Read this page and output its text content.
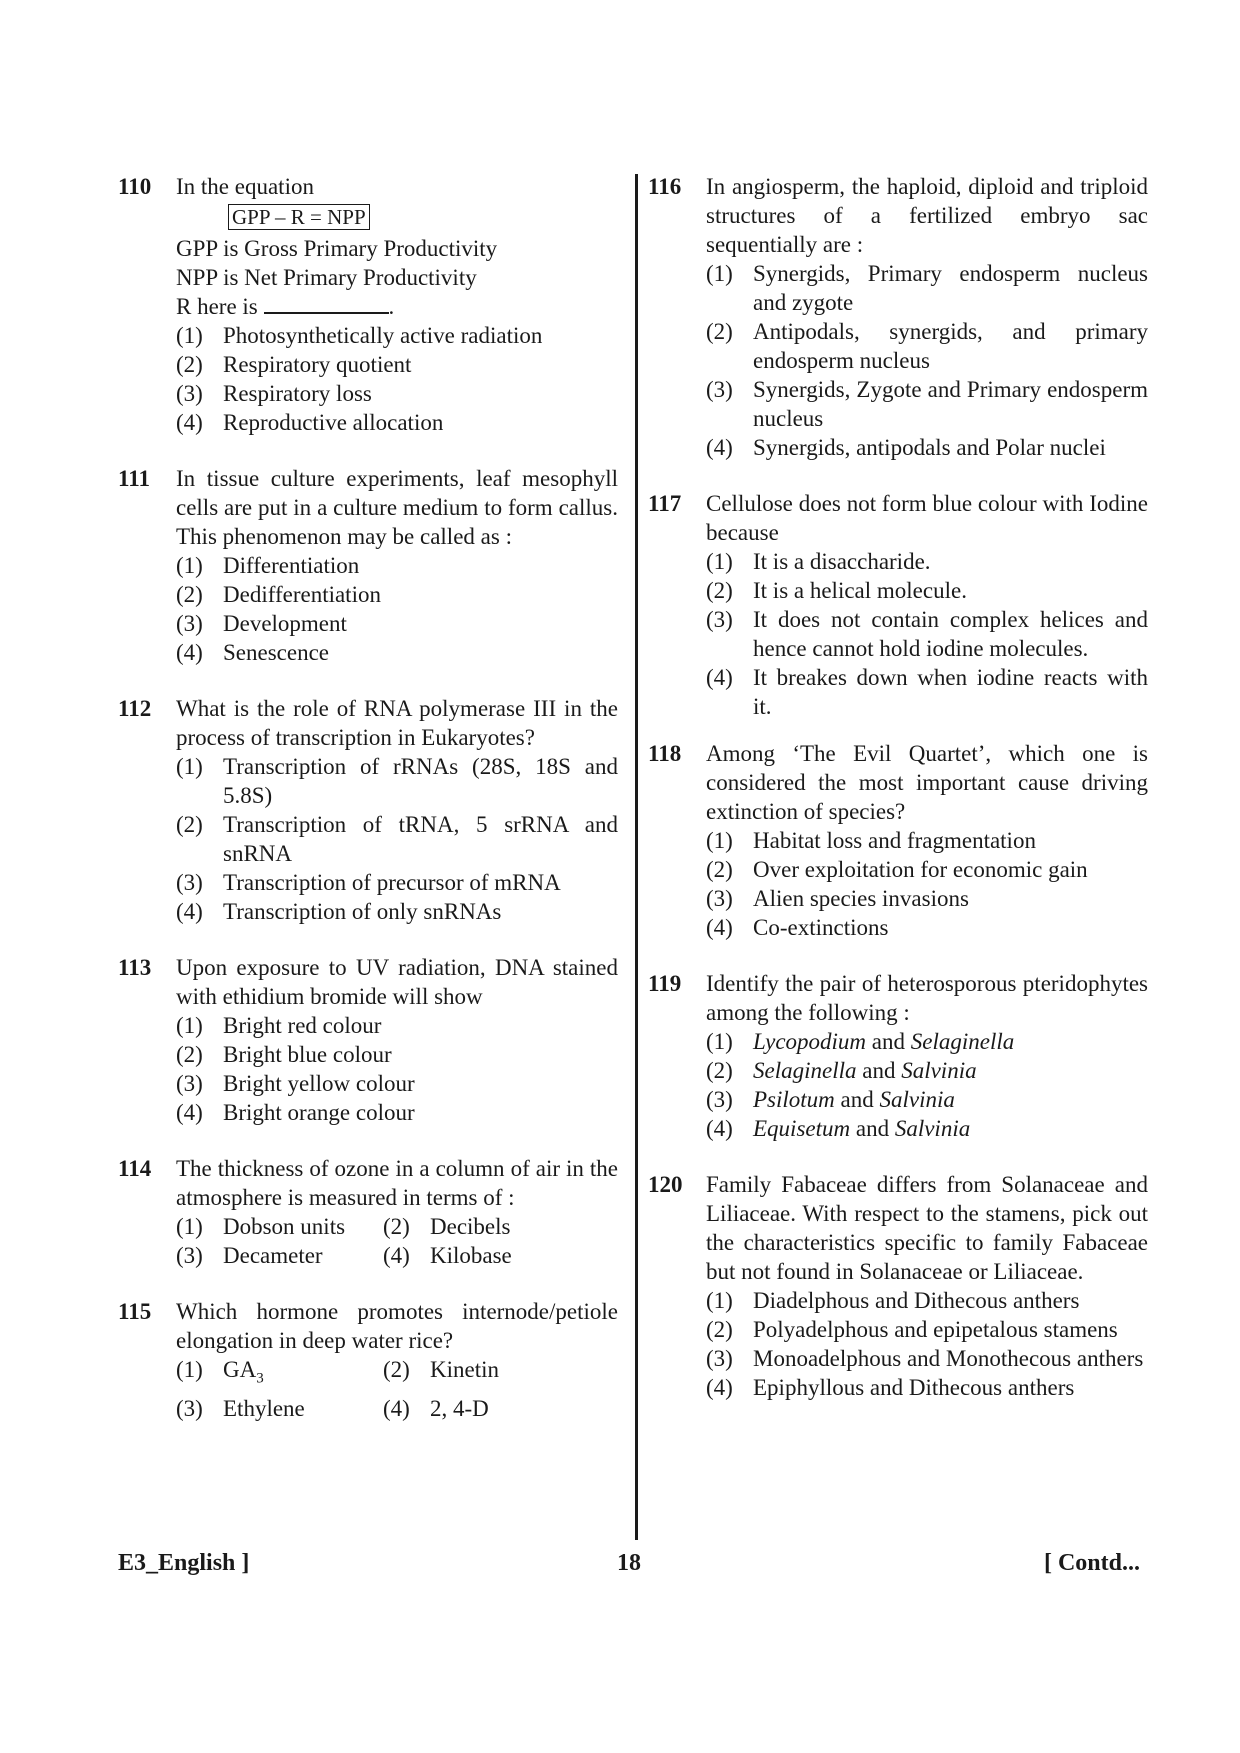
110 In the equation
GPP – R = NPP
GPP is Gross Primary Productivity
NPP is Net Primary Productivity
R here is	.
(1) Photosynthetically active radiation
(2) Respiratory quotient
(3) Respiratory loss
(4) Reproductive allocation
111 In tissue culture experiments, leaf mesophyll cells are put in a culture medium to form callus. This phenomenon may be called as :
(1) Differentiation
(2) Dedifferentiation
(3) Development
(4) Senescence
112 What is the role of RNA polymerase III in the process of transcription in Eukaryotes?
(1) Transcription of rRNAs (28S, 18S and 5.8S)
(2) Transcription of tRNA, 5 srRNA and snRNA
(3) Transcription of precursor of mRNA
(4) Transcription of only snRNAs
113 Upon exposure to UV radiation, DNA stained with ethidium bromide will show
(1) Bright red colour
(2) Bright blue colour
(3) Bright yellow colour
(4) Bright orange colour
114 The thickness of ozone in a column of air in the atmosphere is measured in terms of :
(1) Dobson units	(2) Decibels
(3) Decameter	(4) Kilobase
115 Which hormone promotes internode/petiole elongation in deep water rice?
(1) $GA_3$	(2) Kinetin
(3) Ethylene	(4) 2, 4-D
116 In angiosperm, the haploid, diploid and triploid structures of a fertilized embryo sac sequentially are :
(1) Synergids, Primary endosperm nucleus and zygote
(2) Antipodals, synergids, and primary endosperm nucleus
(3) Synergids, Zygote and Primary endosperm nucleus
(4) Synergids, antipodals and Polar nuclei
117 Cellulose does not form blue colour with Iodine because
(1) It is a disaccharide.
(2) It is a helical molecule.
(3) It does not contain complex helices and hence cannot hold iodine molecules.
(4) It breakes down when iodine reacts with it.
118 Among ‘The Evil Quartet’, which one is considered the most important cause driving extinction of species?
(1) Habitat loss and fragmentation
(2) Over exploitation for economic gain
(3) Alien species invasions
(4) Co-extinctions
119 Identify the pair of heterosporous pteridophytes among the following :
(1) Lycopodium and Selaginella
(2) Selaginella and Salvinia
(3) Psilotum and Salvinia
(4) Equisetum and Salvinia
120 Family Fabaceae differs from Solanaceae and Liliaceae. With respect to the stamens, pick out the characteristics specific to family Fabaceae but not found in Solanaceae or Liliaceae.
(1) Diadelphous and Dithecous anthers
(2) Polyadelphous and epipetalous stamens
(3) Monoadelphous and Monothecous anthers
(4) Epiphyllous and Dithecous anthers
E3_English ]	18	[ Contd...
